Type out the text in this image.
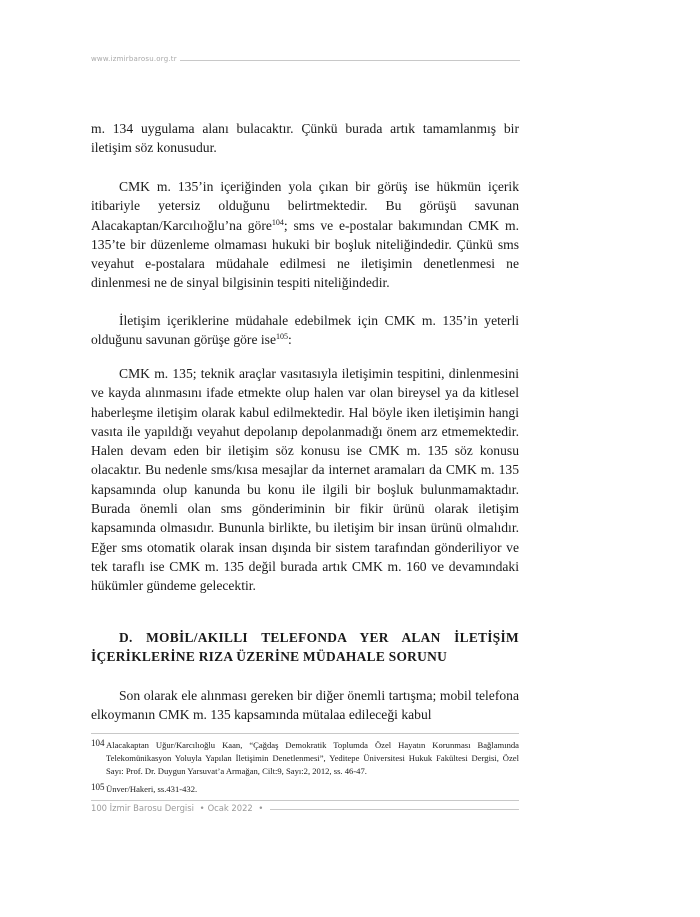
www.izmirbarosu.org.tr

m. 134 uygulama alanı bulacaktır. Çünkü burada artık tamamlanmış bir iletişim söz konusudur.

CMK m. 135’in içeriğinden yola çıkan bir görüş ise hükmün içerik itibariyle yetersiz olduğunu belirtmektedir. Bu görüşü savunan Alacakaptan/Karcılıoğlu’na göre$^{104}$; sms ve e-postalar bakımından CMK m. 135’te bir düzenleme olmaması hukuki bir boşluk niteliğindedir. Çünkü sms veyahut e-postalara müdahale edilmesi ne iletişimin denetlenmesi ne dinlenmesi ne de sinyal bilgisinin tespiti niteliğindedir.

İletişim içeriklerine müdahale edebilmek için CMK m. 135’in yeterli olduğunu savunan görüşe göre ise$^{105}$:

CMK m. 135; teknik araçlar vasıtasıyla iletişimin tespitini, dinlenmesini ve kayda alınmasını ifade etmekte olup halen var olan bireysel ya da kitlesel haberleşme iletişim olarak kabul edilmektedir. Hal böyle iken iletişimin hangi vasıta ile yapıldığı veyahut depolanıp depolanmadığı önem arz etmemektedir. Halen devam eden bir iletişim söz konusu ise CMK m. 135 söz konusu olacaktır. Bu nedenle sms/kısa mesajlar da internet aramaları da CMK m. 135 kapsamında olup kanunda bu konu ile ilgili bir boşluk bulunmamaktadır. Burada önemli olan sms gönderiminin bir fikir ürünü olarak iletişim kapsamında olmasıdır. Bununla birlikte, bu iletişim bir insan ürünü olmalıdır. Eğer sms otomatik olarak insan dışında bir sistem tarafından gönderiliyor ve tek taraflı ise CMK m. 135 değil burada artık CMK m. 160 ve devamındaki hükümler gündeme gelecektir.

D. MOBİL/AKILLI TELEFONDA YER ALAN İLETİŞİM İÇERİKLERİNE RIZA ÜZERİNE MÜDAHALE SORUNU

Son olarak ele alınması gereken bir diğer önemli tartışma; mobil telefona elkoymanın CMK m. 135 kapsamında mütalaa edileceği kabul

104 Alacakaptan Uğur/Karcılıoğlu Kaan, “Çağdaş Demokratik Toplumda Özel Hayatın Korunması Bağlamında Telekomünikasyon Yoluyla Yapılan İletişimin Denetlenmesi”, Yeditepe Üniversitesi Hukuk Fakültesi Dergisi, Özel Sayı: Prof. Dr. Duygun Yarsuvat’a Armağan, Cilt:9, Sayı:2, 2012, ss. 46-47.
105 Ünver/Hakeri, ss.431-432.
100 İzmir Barosu Dergisi • Ocak 2022 •
